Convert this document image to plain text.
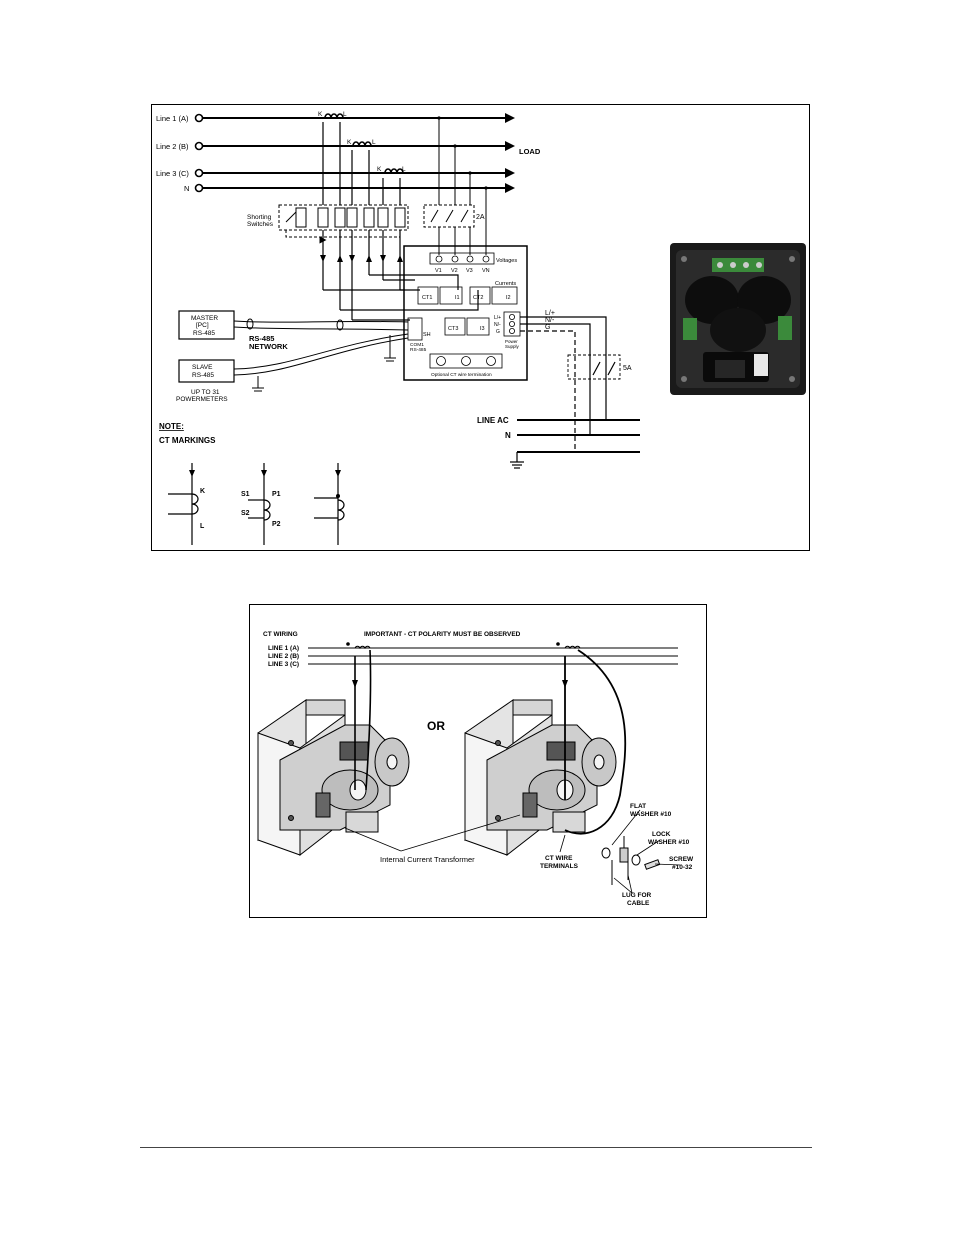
Line 1 (A)
Line 2 (B)
Line 3 (C)
N
LOAD
K	L
K	L
K	L
Shorting
Switches
2A
Voltages
V1 V2 V3 VN
Currents
CT1	CT2
CT3
I1	I2
I3
SH
COM1
RS-485
L/+
N/-
G
Power
Supply
Optional CT wire termination
L/+
N/-
G
5A
LINE AC
N
MASTER
[PC]
RS-485
SLAVE
RS-485
RS-485
NETWORK
UP TO 31
POWERMETERS
NOTE:
CT MARKINGS
K
L
S1	P1
S2
P2
CT WIRING	IMPORTANT - CT POLARITY MUST BE OBSERVED
LINE 1 (A)
LINE 2 (B)
LINE 3 (C)
OR
Internal Current Transformer	CT WIRE
TERMINALS
FLAT
WASHER #10
LOCK
WASHER #10
SCREW
#10-32
LUG FOR
CABLE
